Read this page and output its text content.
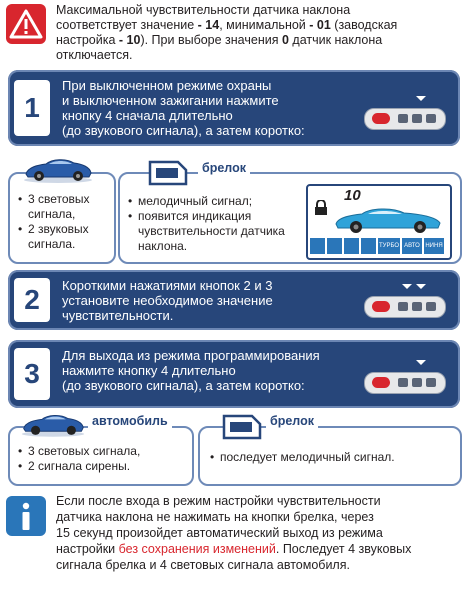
Максимальной чувствительности датчика наклона
соответствует значение - 14, минимальной - 01 (заводская
настройка - 10). При выборе значения 0 датчик наклона
отключается.
1
При выключенном режиме охраны
и выключенном зажигании нажмите
кнопку 4 сначала длительно
(до звукового сигнала), а затем коротко:
• 3 световых сигнала,
• 2 звуковых сигнала.
• мелодичный сигнал;
• появится индикация чувствительности датчика наклона.
10
ТУРБО АВТО НИНЯ
брелок
2	Короткими нажатиями кнопок 2 и 3
установите необходимое значение
чувствительности.
3
Для выхода из режима программирования
нажмите кнопку 4 длительно
(до звукового сигнала), а затем коротко:
• 3 световых сигнала,
• 2 сигнала сирены.
автомобиль
• последует мелодичный сигнал.
брелок
Если после входа в режим настройки чувствительности
датчика наклона не нажимать на кнопки брелка, через
15 секунд произойдет автоматический выход из режима
настройки без сохранения изменений. Последует 4 звуковых
сигнала брелка и 4 световых сигнала автомобиля.
